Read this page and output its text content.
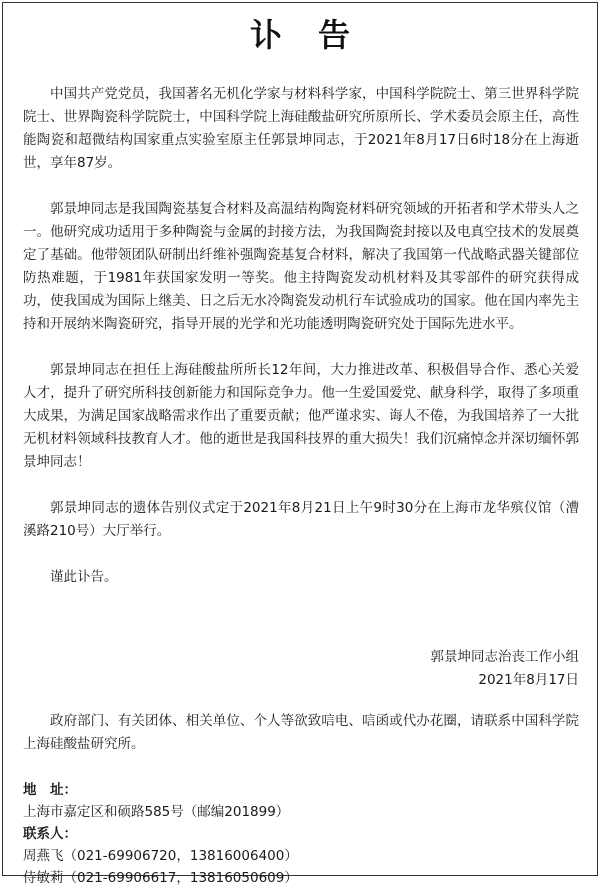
讣告

中国共产党党员，我国著名无机化学家与材料科学家，中国科学院院士、第三世界科学院院士、世界陶瓷科学院院士，中国科学院上海硅酸盐研究所原所长、学术委员会原主任，高性能陶瓷和超微结构国家重点实验室原主任郭景坤同志，于2021年8月17日6时18分在上海逝世，享年87岁。

郭景坤同志是我国陶瓷基复合材料及高温结构陶瓷材料研究领域的开拓者和学术带头人之一。他研究成功适用于多种陶瓷与金属的封接方法，为我国陶瓷封接以及电真空技术的发展奠定了基础。他带领团队研制出纤维补强陶瓷基复合材料，解决了我国第一代战略武器关键部位防热难题，于1981年获国家发明一等奖。他主持陶瓷发动机材料及其零部件的研究获得成功，使我国成为国际上继美、日之后无水冷陶瓷发动机行车试验成功的国家。他在国内率先主持和开展纳米陶瓷研究，指导开展的光学和光功能透明陶瓷研究处于国际先进水平。

郭景坤同志在担任上海硅酸盐所所长12年间，大力推进改革、积极倡导合作、悉心关爱人才，提升了研究所科技创新能力和国际竞争力。他一生爱国爱党、献身科学，取得了多项重大成果，为满足国家战略需求作出了重要贡献；他严谨求实、诲人不倦，为我国培养了一大批无机材料领域科技教育人才。他的逝世是我国科技界的重大损失！我们沉痛悼念并深切缅怀郭景坤同志！

郭景坤同志的遗体告别仪式定于2021年8月21日上午9时30分在上海市龙华殡仪馆（漕溪路210号）大厅举行。

谨此讣告。

郭景坤同志治丧工作小组

2021年8月17日

政府部门、有关团体、相关单位、个人等欲致唁电、唁函或代办花圈，请联系中国科学院上海硅酸盐研究所。

地　址：

上海市嘉定区和硕路585号（邮编201899）

联系人：

周燕飞（021-69906720，13816006400）

侍敏莉（021-69906617，13816050609）
